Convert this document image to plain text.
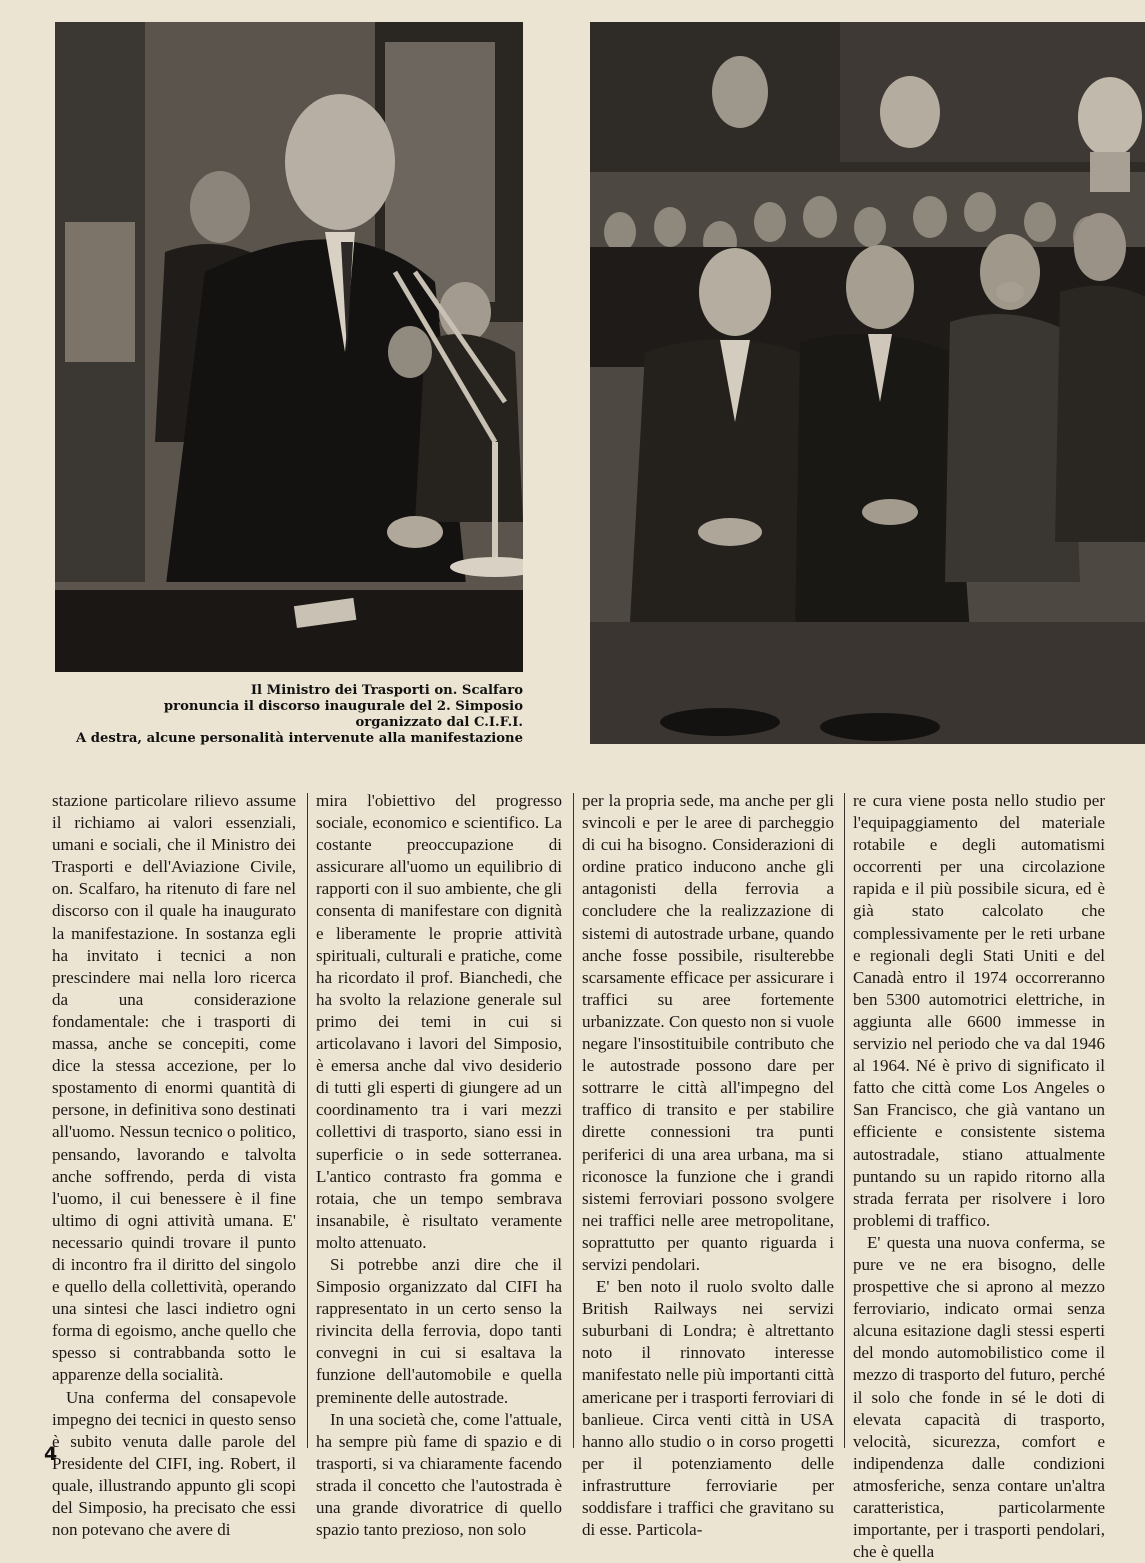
Il Ministro dei Trasporti on. Scalfaro
pronuncia il discorso inaugurale del 2. Simposio
organizzato dal C.I.F.I.
A destra, alcune personalità intervenute alla manifestazione

stazione particolare rilievo assume il richiamo ai valori essenziali, umani e sociali, che il Ministro dei Trasporti e dell'Aviazione Civile, on. Scalfaro, ha ritenuto di fare nel discorso con il quale ha inaugurato la manifestazione. In sostanza egli ha invitato i tecnici a non prescindere mai nella loro ricerca da una considerazione fondamentale: che i trasporti di massa, anche se concepiti, come dice la stessa accezione, per lo spostamento di enormi quantità di persone, in definitiva sono destinati all'uomo. Nessun tecnico o politico, pensando, lavorando e talvolta anche soffrendo, perda di vista l'uomo, il cui benessere è il fine ultimo di ogni attività umana. E' necessario quindi trovare il punto di incontro fra il diritto del singolo e quello della collettività, operando una sintesi che lasci indietro ogni forma di egoismo, anche quello che spesso si contrabbanda sotto le apparenze della socialità.

Una conferma del consapevole impegno dei tecnici in questo senso è subito venuta dalle parole del Presidente del CIFI, ing. Robert, il quale, illustrando appunto gli scopi del Simposio, ha precisato che essi non potevano che avere di

mira l'obiettivo del progresso sociale, economico e scientifico. La costante preoccupazione di assicurare all'uomo un equilibrio di rapporti con il suo ambiente, che gli consenta di manifestare con dignità e liberamente le proprie attività spirituali, culturali e pratiche, come ha ricordato il prof. Bianchedi, che ha svolto la relazione generale sul primo dei temi in cui si articolavano i lavori del Simposio, è emersa anche dal vivo desiderio di tutti gli esperti di giungere ad un coordinamento tra i vari mezzi collettivi di trasporto, siano essi in superficie o in sede sotterranea. L'antico contrasto fra gomma e rotaia, che un tempo sembrava insanabile, è risultato veramente molto attenuato.

Si potrebbe anzi dire che il Simposio organizzato dal CIFI ha rappresentato in un certo senso la rivincita della ferrovia, dopo tanti convegni in cui si esaltava la funzione dell'automobile e quella preminente delle autostrade.

In una società che, come l'attuale, ha sempre più fame di spazio e di trasporti, si va chiaramente facendo strada il concetto che l'autostrada è una grande divoratrice di quello spazio tanto prezioso, non solo

per la propria sede, ma anche per gli svincoli e per le aree di parcheggio di cui ha bisogno. Considerazioni di ordine pratico inducono anche gli antagonisti della ferrovia a concludere che la realizzazione di sistemi di autostrade urbane, quando anche fosse possibile, risulterebbe scarsamente efficace per assicurare i traffici su aree fortemente urbanizzate. Con questo non si vuole negare l'insostituibile contributo che le autostrade possono dare per sottrarre le città all'impegno del traffico di transito e per stabilire dirette connessioni tra punti periferici di una area urbana, ma si riconosce la funzione che i grandi sistemi ferroviari possono svolgere nei traffici nelle aree metropolitane, soprattutto per quanto riguarda i servizi pendolari.

E' ben noto il ruolo svolto dalle British Railways nei servizi suburbani di Londra; è altrettanto noto il rinnovato interesse manifestato nelle più importanti città americane per i trasporti ferroviari di banlieue. Circa venti città in USA hanno allo studio o in corso progetti per il potenziamento delle infrastrutture ferroviarie per soddisfare i traffici che gravitano su di esse. Particola-

re cura viene posta nello studio per l'equipaggiamento del materiale rotabile e degli automatismi occorrenti per una circolazione rapida e il più possibile sicura, ed è già stato calcolato che complessivamente per le reti urbane e regionali degli Stati Uniti e del Canadà entro il 1974 occorreranno ben 5300 automotrici elettriche, in aggiunta alle 6600 immesse in servizio nel periodo che va dal 1946 al 1964. Né è privo di significato il fatto che città come Los Angeles o San Francisco, che già vantano un efficiente e consistente sistema autostradale, stiano attualmente puntando su un rapido ritorno alla strada ferrata per risolvere i loro problemi di traffico.

E' questa una nuova conferma, se pure ve ne era bisogno, delle prospettive che si aprono al mezzo ferroviario, indicato ormai senza alcuna esitazione dagli stessi esperti del mondo automobilistico come il mezzo di trasporto del futuro, perché il solo che fonde in sé le doti di elevata capacità di trasporto, velocità, sicurezza, comfort e indipendenza dalle condizioni atmosferiche, senza contare un'altra caratteristica, particolarmente importante, per i trasporti pendolari, che è quella

4
